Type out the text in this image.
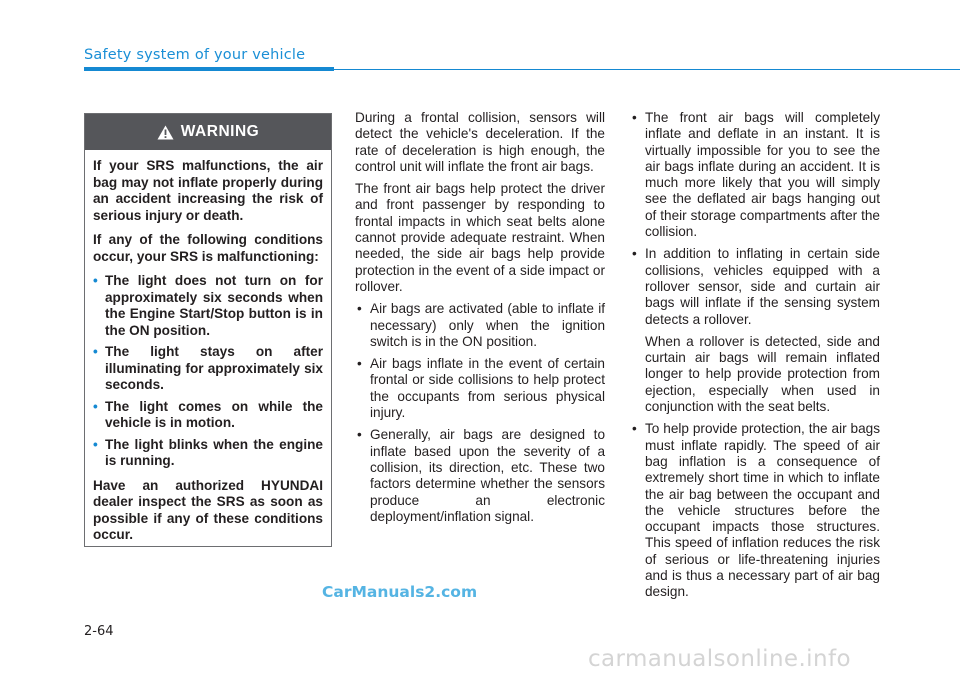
Safety system of your vehicle
WARNING

If your SRS malfunctions, the air bag may not inflate properly during an accident increasing the risk of serious injury or death.

If any of the following conditions occur, your SRS is malfunctioning:

• The light does not turn on for approximately six seconds when the Engine Start/Stop button is in the ON position.
• The light stays on after illuminating for approximately six seconds.
• The light comes on while the vehicle is in motion.
• The light blinks when the engine is running.

Have an authorized HYUNDAI dealer inspect the SRS as soon as possible if any of these conditions occur.

During a frontal collision, sensors will detect the vehicle's deceleration. If the rate of deceleration is high enough, the control unit will inflate the front air bags.

The front air bags help protect the driver and front passenger by responding to frontal impacts in which seat belts alone cannot provide adequate restraint. When needed, the side air bags help provide protection in the event of a side impact or rollover.

• Air bags are activated (able to inflate if necessary) only when the ignition switch is in the ON position.
• Air bags inflate in the event of certain frontal or side collisions to help protect the occupants from serious physical injury.
• Generally, air bags are designed to inflate based upon the severity of a collision, its direction, etc. These two factors determine whether the sensors produce an electronic deployment/inflation signal.
• The front air bags will completely inflate and deflate in an instant. It is virtually impossible for you to see the air bags inflate during an accident. It is much more likely that you will simply see the deflated air bags hanging out of their storage compartments after the collision.

• In addition to inflating in certain side collisions, vehicles equipped with a rollover sensor, side and curtain air bags will inflate if the sensing system detects a rollover.

When a rollover is detected, side and curtain air bags will remain inflated longer to help provide protection from ejection, especially when used in conjunction with the seat belts.

• To help provide protection, the air bags must inflate rapidly. The speed of air bag inflation is a consequence of extremely short time in which to inflate the air bag between the occupant and the vehicle structures before the occupant impacts those structures. This speed of inflation reduces the risk of serious or life-threatening injuries and is thus a necessary part of air bag design.

CarManuals2.com
2-64
carmanualsonline.info
